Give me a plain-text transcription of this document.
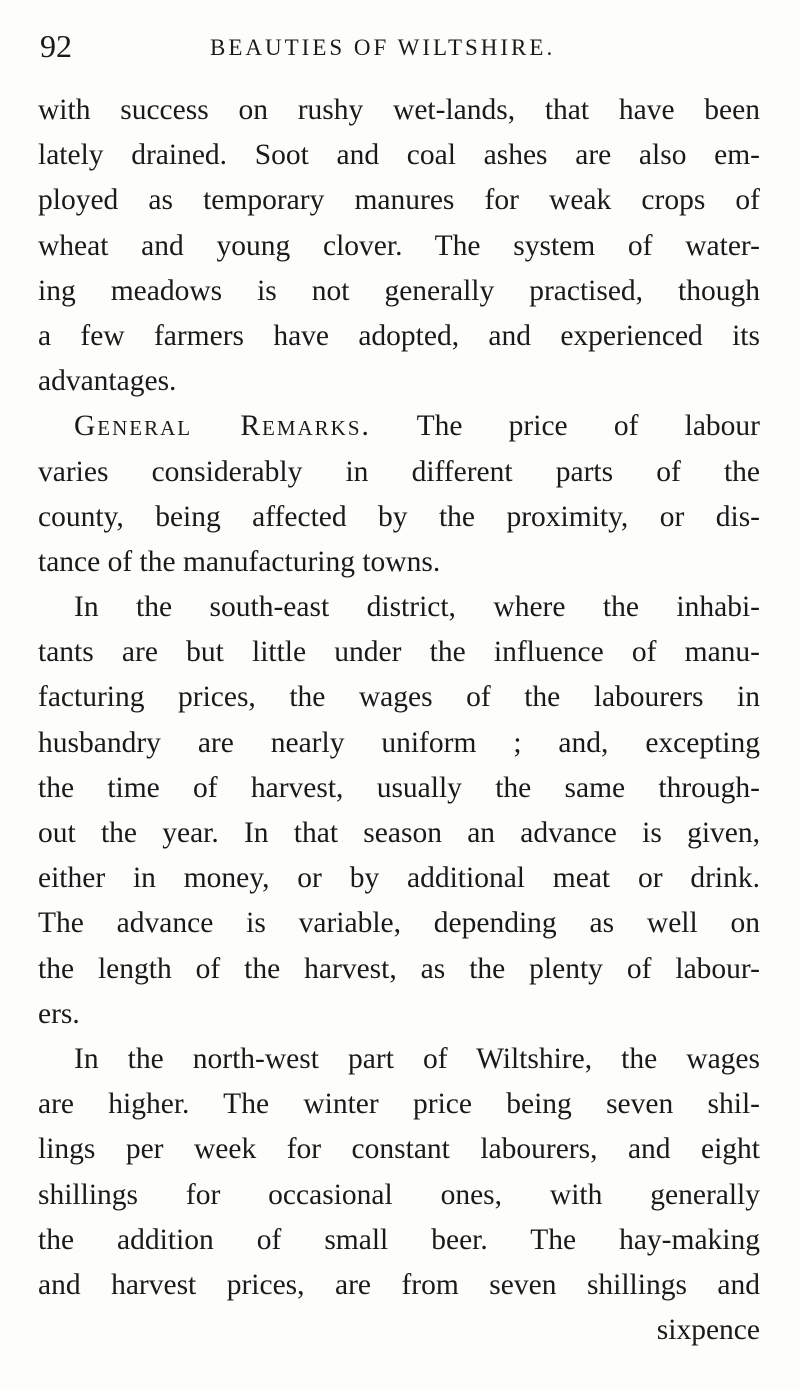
92	BEAUTIES OF WILTSHIRE.
with success on rushy wet-lands, that have been
lately drained. Soot and coal ashes are also em-
ployed as temporary manures for weak crops of
wheat and young clover. The system of water-
ing meadows is not generally practised, though
a few farmers have adopted, and experienced its
advantages.
General Remarks. The price of labour
varies considerably in different parts of the
county, being affected by the proximity, or dis-
tance of the manufacturing towns.
In the south-east district, where the inhabi-
tants are but little under the influence of manu-
facturing prices, the wages of the labourers in
husbandry are nearly uniform ; and, excepting
the time of harvest, usually the same through-
out the year. In that season an advance is given,
either in money, or by additional meat or drink.
The advance is variable, depending as well on
the length of the harvest, as the plenty of labour-
ers.
In the north-west part of Wiltshire, the wages
are higher. The winter price being seven shil-
lings per week for constant labourers, and eight
shillings for occasional ones, with generally
the addition of small beer. The hay-making
and harvest prices, are from seven shillings and
sixpence
